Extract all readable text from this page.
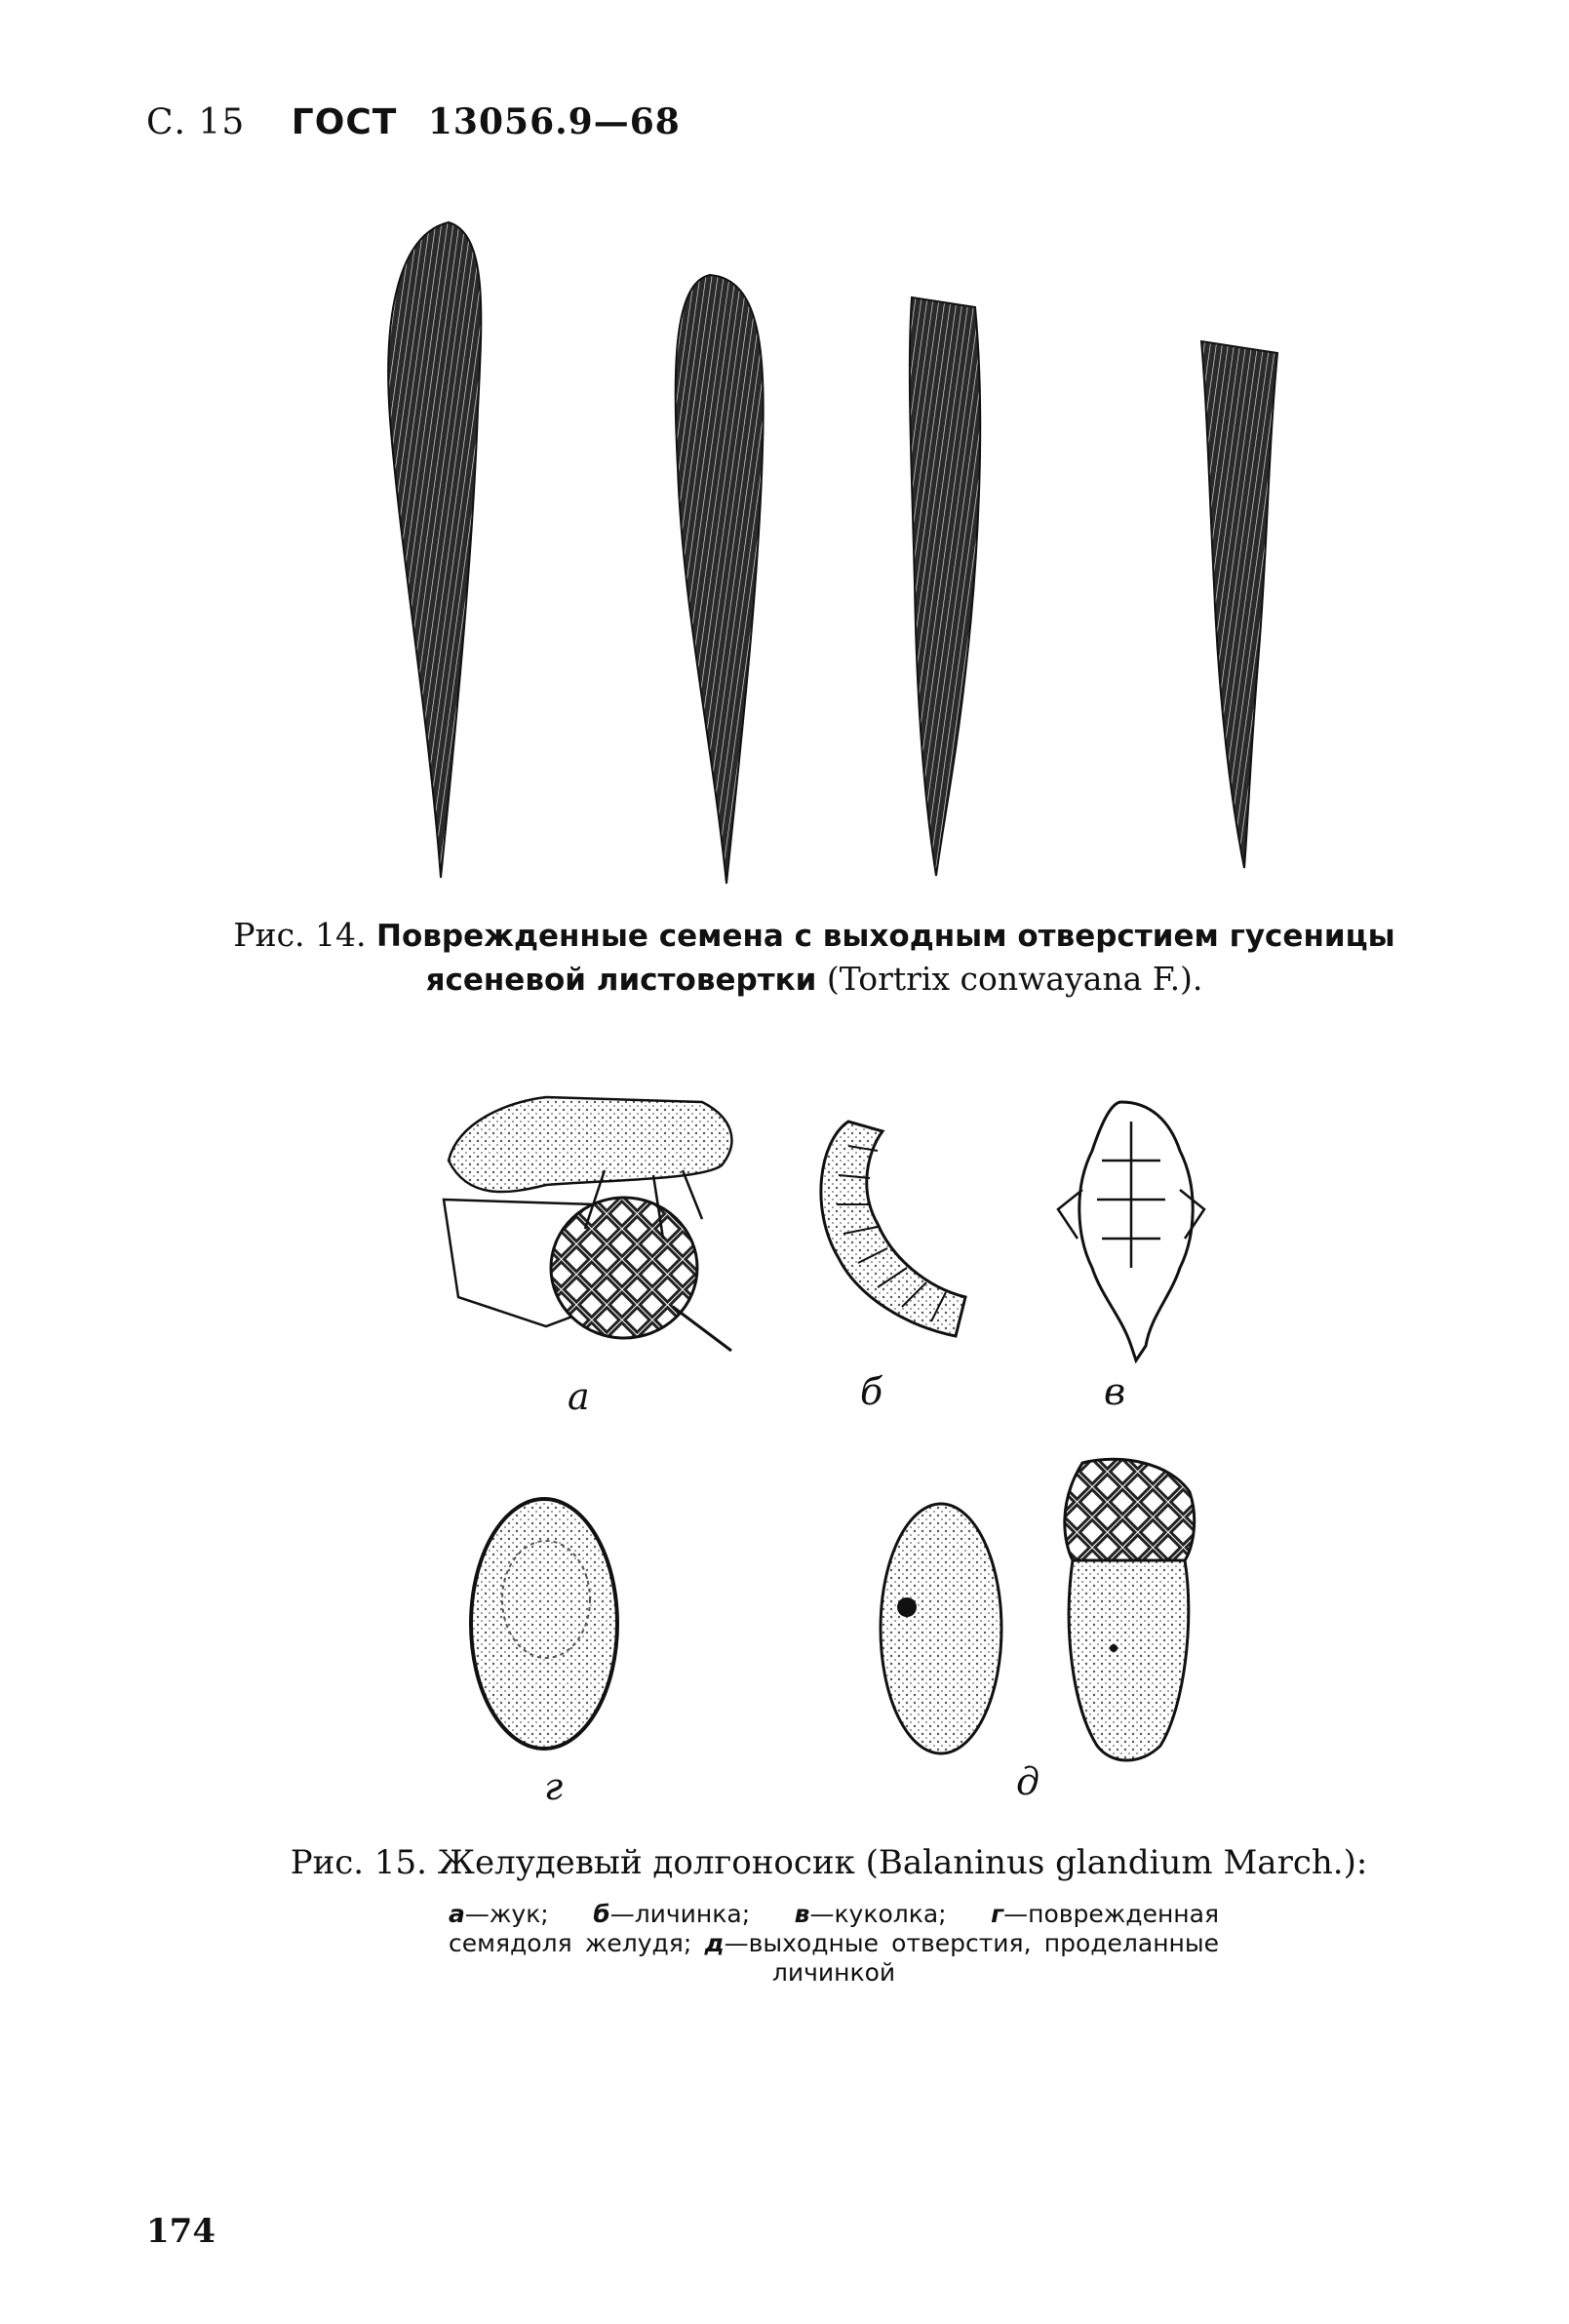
С. 15 ГОСТ 13056.9—68
Рис. 14. Поврежденные семена с выходным отверстием гусеницы ясеневой листовертки (Tortrix conwayana F.).
а	б	в
г	д
Рис. 15. Желудевый долгоносик (Balaninus glandium March.):
а—жук; б—личинка; в—куколка; г—поврежденная семядоля желудя; д—выходные отверстия, проделанные личинкой
174
